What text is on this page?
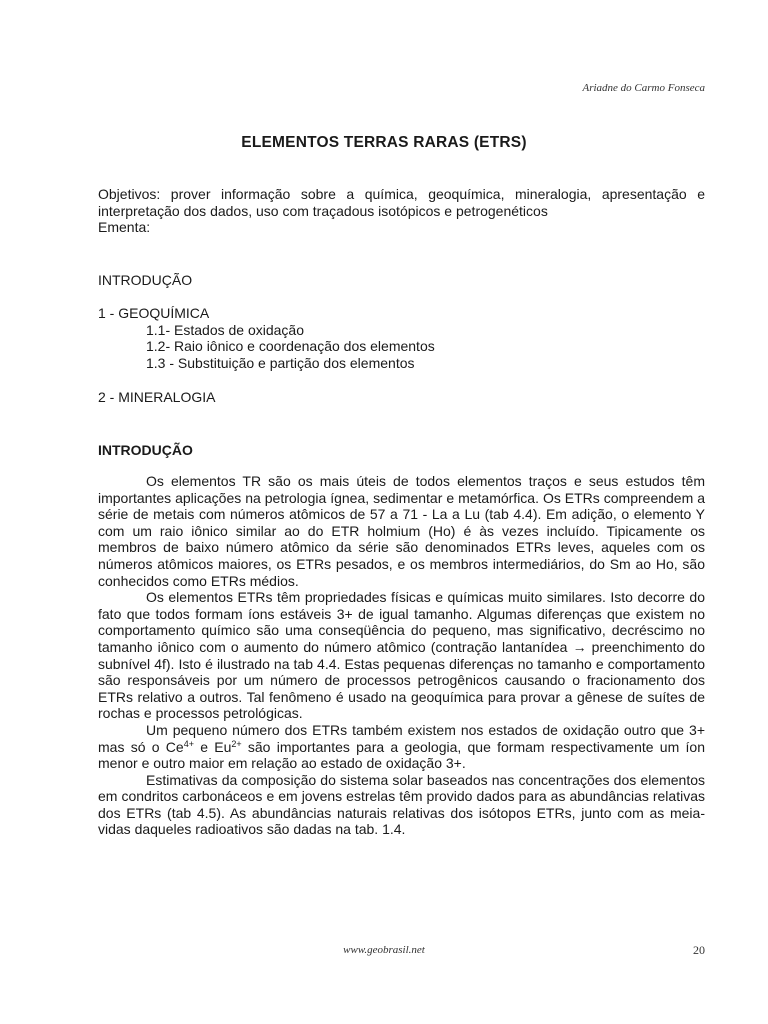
Ariadne do Carmo Fonseca
ELEMENTOS TERRAS RARAS (ETRS)

Objetivos: prover informação sobre a química, geoquímica, mineralogia, apresentação e interpretação dos dados, uso com traçadous isotópicos e petrogenéticos

Ementa:

INTRODUÇÃO

1 - GEOQUÍMICA

1.1- Estados de oxidação

1.2- Raio iônico e coordenação dos elementos

1.3 - Substituição e partição dos elementos

2 - MINERALOGIA

INTRODUÇÃO

Os elementos TR são os mais úteis de todos elementos traços e seus estudos têm importantes aplicações na petrologia ígnea, sedimentar e metamórfica. Os ETRs compreendem a série de metais com números atômicos de 57 a 71 - La a Lu (tab 4.4). Em adição, o elemento Y com um raio iônico similar ao do ETR holmium (Ho) é às vezes incluído. Tipicamente os membros de baixo número atômico da série são denominados ETRs leves, aqueles com os números atômicos maiores, os ETRs pesados, e os membros intermediários, do Sm ao Ho, são conhecidos como ETRs médios.

Os elementos ETRs têm propriedades físicas e químicas muito similares. Isto decorre do fato que todos formam íons estáveis 3+ de igual tamanho. Algumas diferenças que existem no comportamento químico são uma conseqüência do pequeno, mas significativo, decréscimo no tamanho iônico com o aumento do número atômico (contração lantanídea → preenchimento do subnível 4f). Isto é ilustrado na tab 4.4. Estas pequenas diferenças no tamanho e comportamento são responsáveis por um número de processos petrogênicos causando o fracionamento dos ETRs relativo a outros. Tal fenômeno é usado na geoquímica para provar a gênese de suítes de rochas e processos petrológicas.

Um pequeno número dos ETRs também existem nos estados de oxidação outro que 3+ mas só o $Ce^{4+}$ e $Eu^{2+}$ são importantes para a geologia, que formam respectivamente um íon menor e outro maior em relação ao estado de oxidação 3+.

Estimativas da composição do sistema solar baseados nas concentrações dos elementos em condritos carbonáceos e em jovens estrelas têm provido dados para as abundâncias relativas dos ETRs (tab 4.5). As abundâncias naturais relativas dos isótopos ETRs, junto com as meia-vidas daqueles radioativos são dadas na tab. 1.4.

www.geobrasil.net	20
